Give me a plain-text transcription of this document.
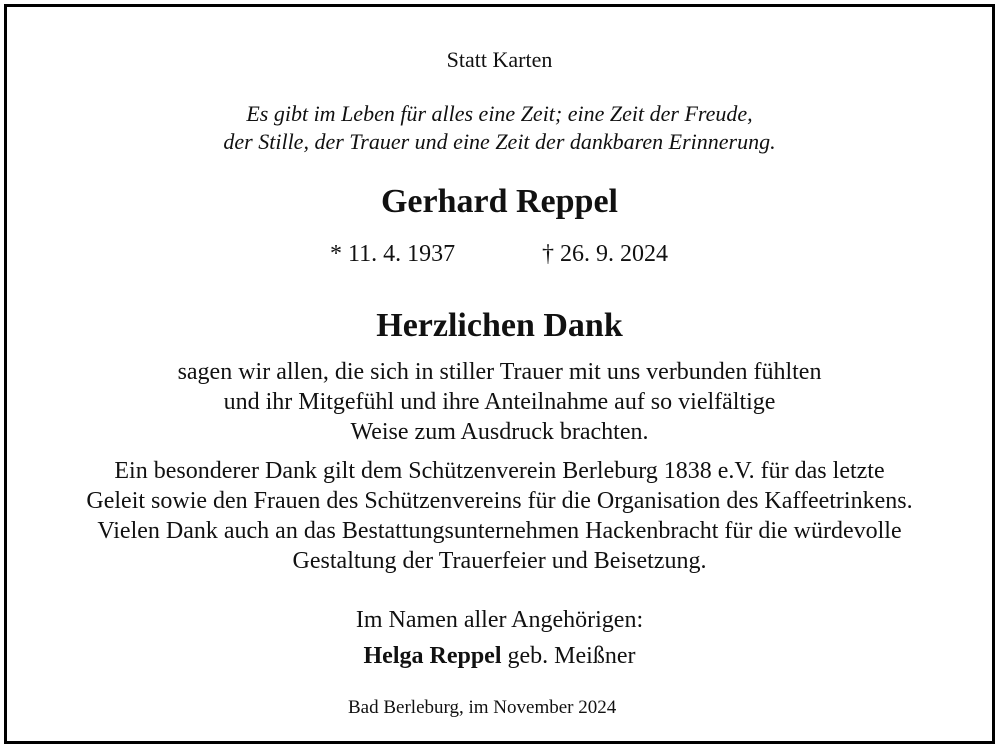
Statt Karten
Es gibt im Leben für alles eine Zeit; eine Zeit der Freude,
der Stille, der Trauer und eine Zeit der dankbaren Erinnerung.
Gerhard Reppel
* 11. 4. 1937	† 26. 9. 2024
Herzlichen Dank
sagen wir allen, die sich in stiller Trauer mit uns verbunden fühlten
und ihr Mitgefühl und ihre Anteilnahme auf so vielfältige
Weise zum Ausdruck brachten.
Ein besonderer Dank gilt dem Schützenverein Berleburg 1838 e.V. für das letzte
Geleit sowie den Frauen des Schützenvereins für die Organisation des Kaffeetrinkens.
Vielen Dank auch an das Bestattungsunternehmen Hackenbracht für die würdevolle
Gestaltung der Trauerfeier und Beisetzung.
Im Namen aller Angehörigen:
Helga Reppel geb. Meißner
Bad Berleburg, im November 2024
